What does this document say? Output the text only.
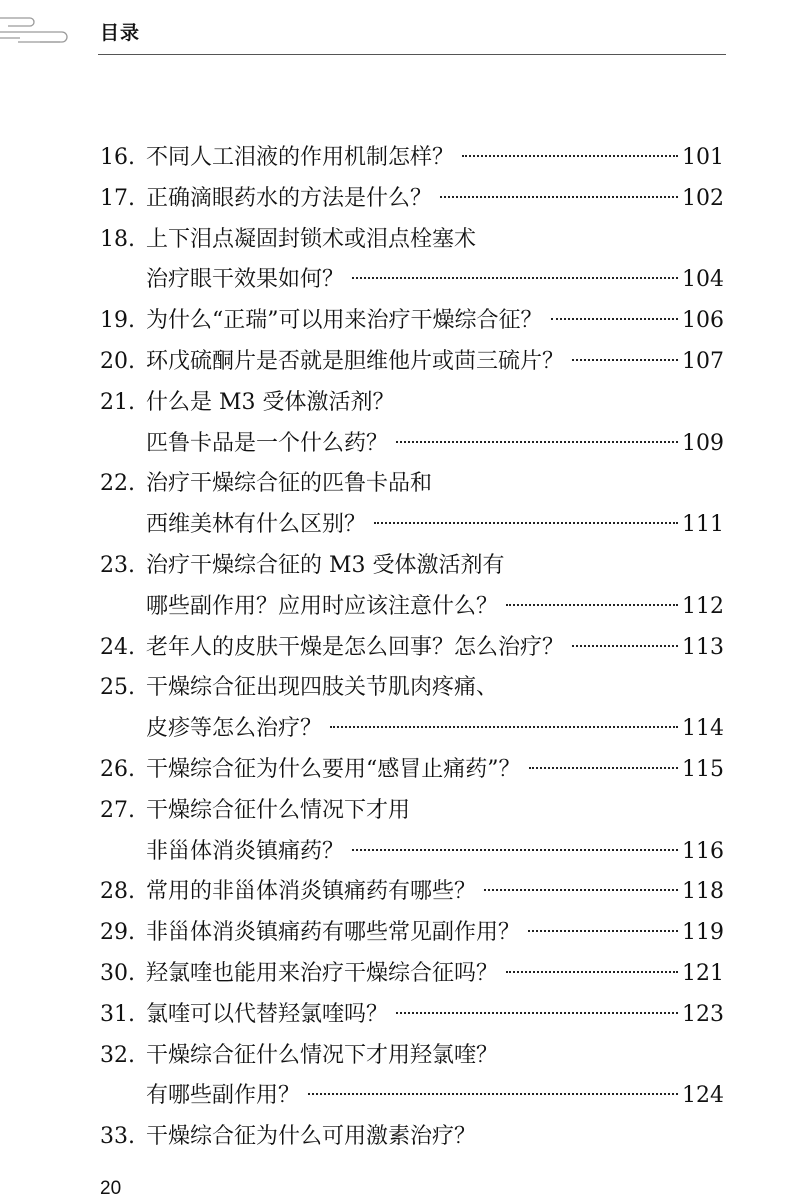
目录
16. 不同人工泪液的作用机制怎样？	101
17. 正确滴眼药水的方法是什么？	102
18. 上下泪点凝固封锁术或泪点栓塞术
治疗眼干效果如何？	104
19. 为什么“正瑞”可以用来治疗干燥综合征？	106
20. 环戊硫酮片是否就是胆维他片或茴三硫片？	107
21. 什么是 M3 受体激活剂？
匹鲁卡品是一个什么药？	109
22. 治疗干燥综合征的匹鲁卡品和
西维美林有什么区别？	111
23. 治疗干燥综合征的 M3 受体激活剂有
哪些副作用？应用时应该注意什么？	112
24. 老年人的皮肤干燥是怎么回事？怎么治疗？	113
25. 干燥综合征出现四肢关节肌肉疼痛、
皮疹等怎么治疗？	114
26. 干燥综合征为什么要用“感冒止痛药”？	115
27. 干燥综合征什么情况下才用
非甾体消炎镇痛药？	116
28. 常用的非甾体消炎镇痛药有哪些？	118
29. 非甾体消炎镇痛药有哪些常见副作用？	119
30. 羟氯喹也能用来治疗干燥综合征吗？	121
31. 氯喹可以代替羟氯喹吗？	123
32. 干燥综合征什么情况下才用羟氯喹？
有哪些副作用？	124
33. 干燥综合征为什么可用激素治疗？
20
